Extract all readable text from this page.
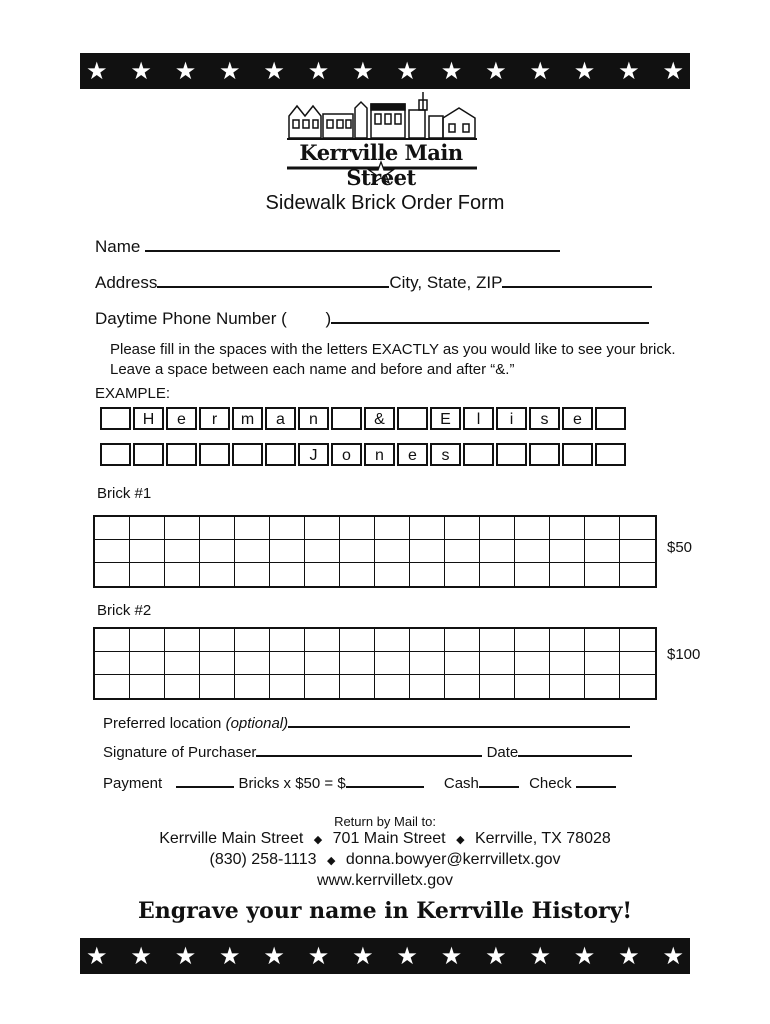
★ ★ ★ ★ ★ ★ ★ ★ ★ ★ ★ ★ ★ ★
Kerrville Main Street
Sidewalk Brick Order Form
Name
Address	City, State, ZIP
Daytime Phone Number ( )
Please fill in the spaces with the letters EXACTLY as you would like to see your brick. Leave a space between each name and before and after “&.”
EXAMPLE:
H	e	r	m	a	n	&	E	l	i	s	e
J	o	n	e	s
Brick #1
$50
Brick #2
$100
Preferred location (optional)
Signature of Purchaser	Date
Payment	Bricks x $50 = $	Cash	Check
Return by Mail to:
Kerrville Main Street ◆ 701 Main Street ◆ Kerrville, TX 78028
(830) 258-1113 ◆ donna.bowyer@kerrvilletx.gov
www.kerrvilletx.gov
Engrave your name in Kerrville History!
★ ★ ★ ★ ★ ★ ★ ★ ★ ★ ★ ★ ★ ★
